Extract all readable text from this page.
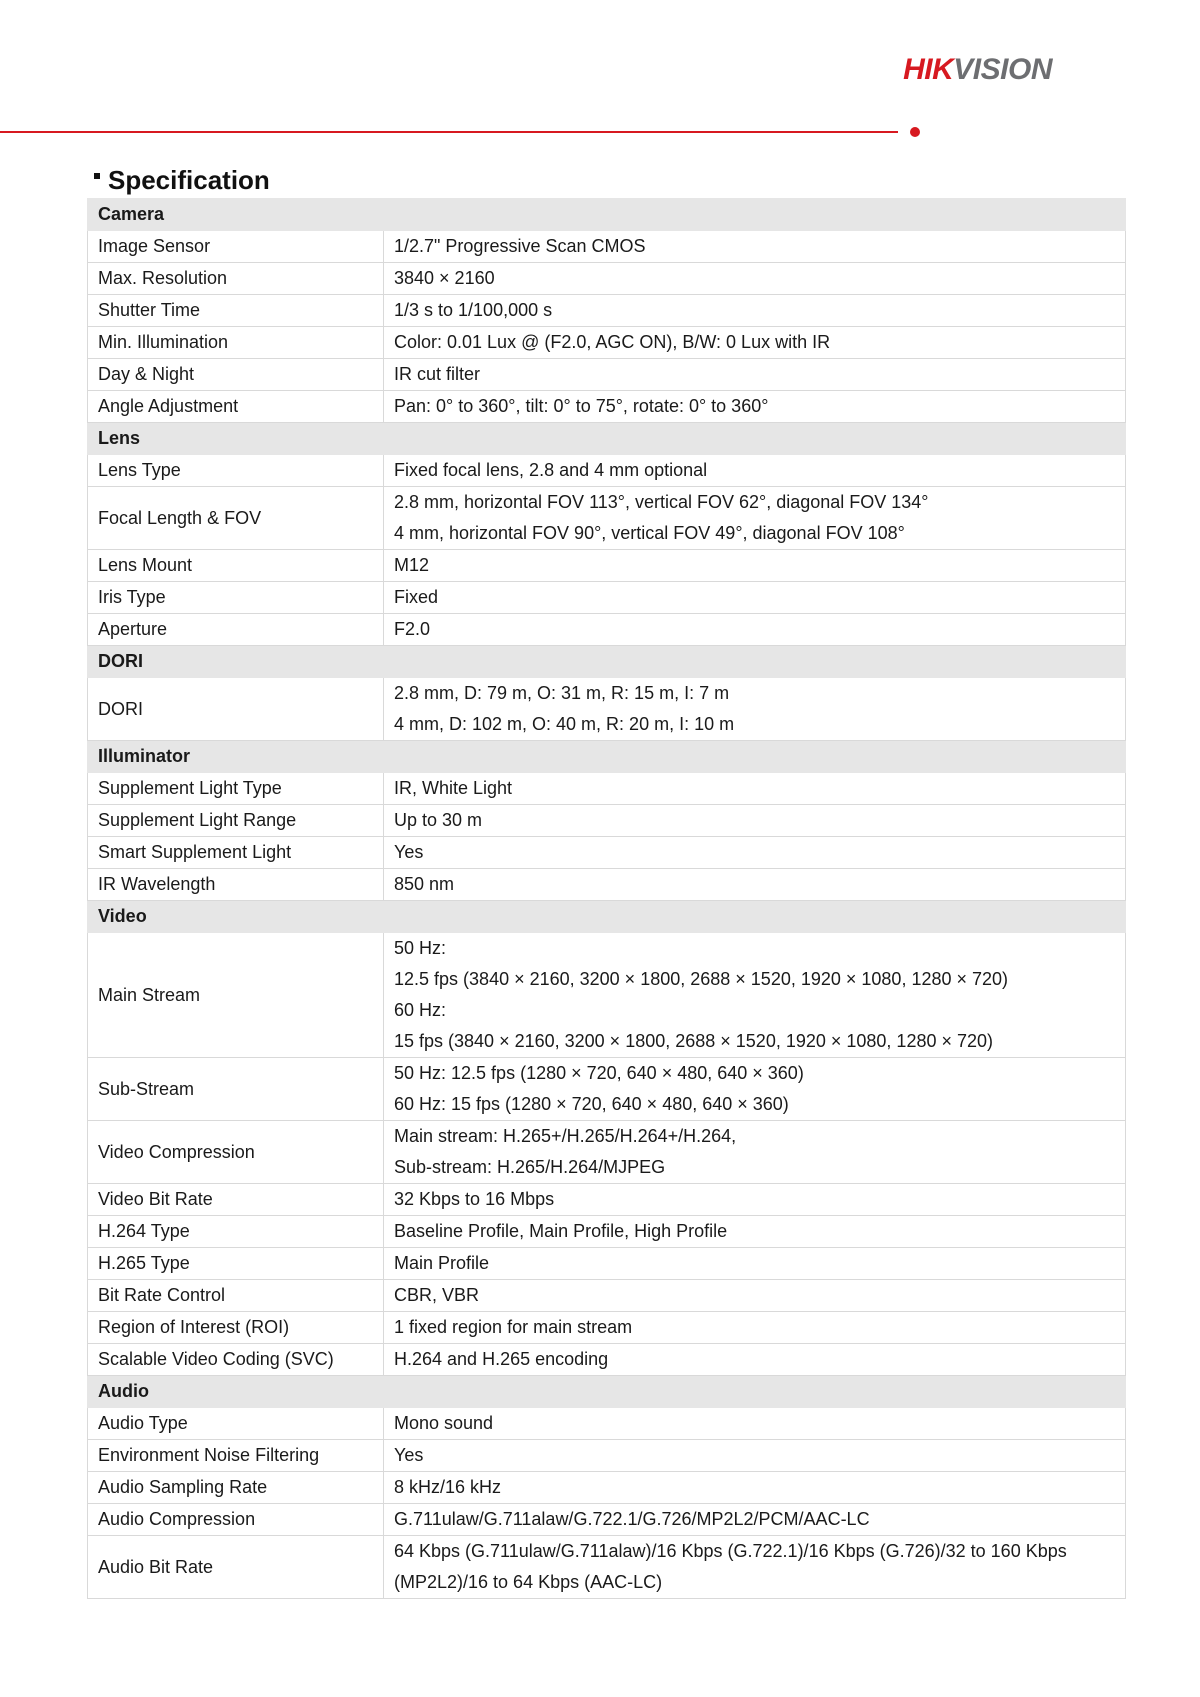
HIKVISION
Specification
Camera	
Image Sensor	1/2.7" Progressive Scan CMOS

Max. Resolution	3840 × 2160

Shutter Time	1/3 s to 1/100,000 s

Min. Illumination	Color: 0.01 Lux @ (F2.0, AGC ON), B/W: 0 Lux with IR

Day & Night	IR cut filter

Angle Adjustment	Pan: 0° to 360°, tilt: 0° to 75°, rotate: 0° to 360°

Lens	
Lens Type	Fixed focal lens, 2.8 and 4 mm optional

Focal Length & FOV	2.8 mm, horizontal FOV 113°, vertical FOV 62°, diagonal FOV 134°
4 mm, horizontal FOV 90°, vertical FOV 49°, diagonal FOV 108°

Lens Mount	M12

Iris Type	Fixed

Aperture	F2.0

DORI	
DORI	2.8 mm, D: 79 m, O: 31 m, R: 15 m, I: 7 m
4 mm, D: 102 m, O: 40 m, R: 20 m, I: 10 m

Illuminator	
Supplement Light Type	IR, White Light

Supplement Light Range	Up to 30 m

Smart Supplement Light	Yes

IR Wavelength	850 nm

Video	
Main Stream	50 Hz:
12.5 fps (3840 × 2160, 3200 × 1800, 2688 × 1520, 1920 × 1080, 1280 × 720)
60 Hz:
15 fps (3840 × 2160, 3200 × 1800, 2688 × 1520, 1920 × 1080, 1280 × 720)

Sub-Stream	50 Hz: 12.5 fps (1280 × 720, 640 × 480, 640 × 360)
60 Hz: 15 fps (1280 × 720, 640 × 480, 640 × 360)

Video Compression	Main stream: H.265+/H.265/H.264+/H.264,
Sub-stream: H.265/H.264/MJPEG

Video Bit Rate	32 Kbps to 16 Mbps

H.264 Type	Baseline Profile, Main Profile, High Profile

H.265 Type	Main Profile

Bit Rate Control	CBR, VBR

Region of Interest (ROI)	1 fixed region for main stream

Scalable Video Coding (SVC)	H.264 and H.265 encoding

Audio	
Audio Type	Mono sound

Environment Noise Filtering	Yes

Audio Sampling Rate	8 kHz/16 kHz

Audio Compression	G.711ulaw/G.711alaw/G.722.1/G.726/MP2L2/PCM/AAC-LC

Audio Bit Rate	64 Kbps (G.711ulaw/G.711alaw)/16 Kbps (G.722.1)/16 Kbps (G.726)/32 to 160 Kbps
(MP2L2)/16 to 64 Kbps (AAC-LC)
